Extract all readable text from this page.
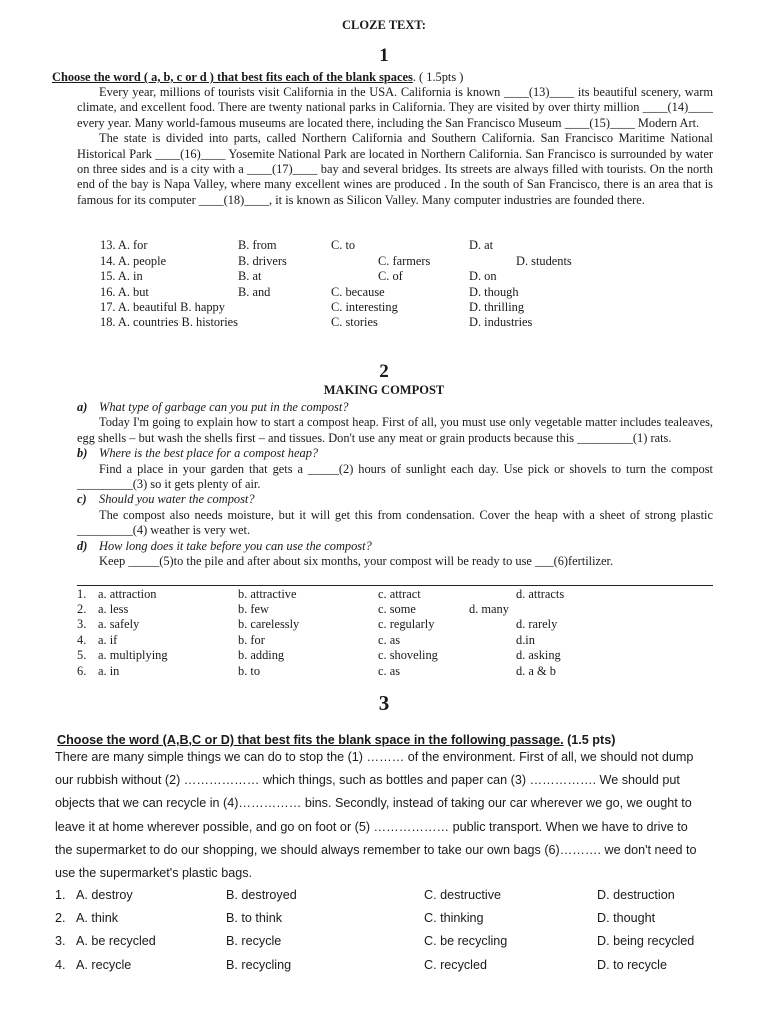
CLOZE TEXT:
1
Choose the word ( a, b, c or d ) that best fits each of the blank spaces. ( 1.5pts )

Every year, millions of tourists visit California in the USA. California is known ____(13)____ its beautiful scenery, warm climate, and excellent food. There are twenty national parks in California. They are visited by over thirty million ____(14)____ every year. Many world-famous museums are located there, including the San Francisco Museum ____(15)____ Modern Art.

The state is divided into parts, called Northern California and Southern California. San Francisco Maritime National Historical Park ____(16)____ Yosemite National Park are located in Northern California. San Francisco is surrounded by water on three sides and is a city with a ____(17)____ bay and several bridges. Its streets are always filled with tourists. On the north end of the bay is Napa Valley, where many excellent wines are produced . In the south of San Francisco, there is an area that is famous for its computer ____(18)____, it is known as Silicon Valley. Many computer industries are founded there.

13. A. for	B. from	C. to	D. at
14. A. people	B. drivers	C. farmers	D. students
15. A. in	B. at	C. of	D. on
16. A. but	B. and	C. because	D. though
17. A. beautiful B. happy	C. interesting	D. thrilling
18. A. countries B. histories	C. stories	D. industries
2
MAKING COMPOST

a) What type of garbage can you put in the compost?

Today I'm going to explain how to start a compost heap. First of all, you must use only vegetable matter includes tealeaves, egg shells – but wash the shells first – and tissues. Don't use any meat or grain products because this _________(1) rats.

b) Where is the best place for a compost heap?

Find a place in your garden that gets a _____(2) hours of sunlight each day. Use pick or shovels to turn the compost _________(3) so it gets plenty of air.

c) Should you water the compost?

The compost also needs moisture, but it will get this from condensation. Cover the heap with a sheet of strong plastic _________(4) weather is very wet.

d) How long does it take before you can use the compost?

Keep _____(5)to the pile and after about six months, your compost will be ready to use ___(6)fertilizer.

1. a. attraction	b. attractive	c. attract	d. attracts
2. a. less	b. few	c. some	d. many
3. a. safely	b. carelessly	c. regularly	d. rarely
4. a. if	b. for	c. as	d.in
5. a. multiplying	b. adding	c. shoveling	d. asking
6. a. in	b. to	c. as	d. a & b
3
Choose the word (A,B,C or D) that best fits the blank space in the following passage. (1.5 pts)

There are many simple things we can do to stop the (1) ……… of the environment. First of all, we should not dump our rubbish without (2) ……………… which things, such as bottles and paper can (3) ……………. We should put objects that we can recycle in (4)…………… bins. Secondly, instead of taking our car wherever we go, we ought to leave it at home wherever possible, and go on foot or (5) ……………… public transport. When we have to drive to the supermarket to do our shopping, we should always remember to take our own bags (6)………. we don't need to use the supermarket's plastic bags.

1. A. destroy	B. destroyed	C. destructive	D. destruction
2. A. think	B. to think	C. thinking	D. thought
3. A. be recycled	B. recycle	C. be recycling	D. being recycled
4. A. recycle	B. recycling	C. recycled	D. to recycle
